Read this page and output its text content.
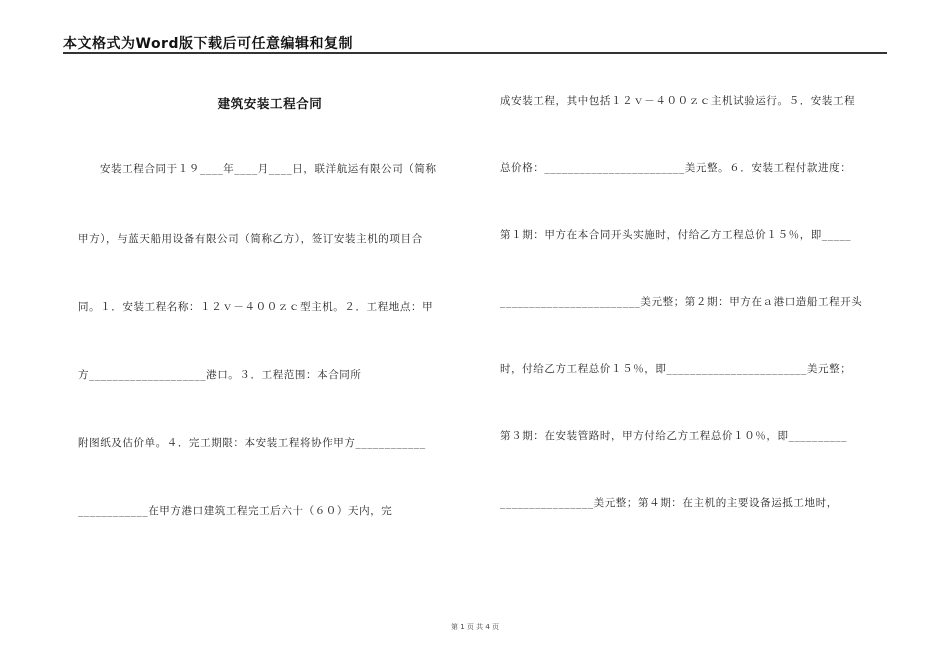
本文格式为Word版下载后可任意编辑和复制
建筑安装工程合同
安装工程合同于１９____年____月____日，联洋航运有限公司（简称
甲方），与蓝天船用设备有限公司（简称乙方），签订安装主机的项目合
同。１．安装工程名称：１２ｖ－４００ｚｃ型主机。２．工程地点：甲
方____________________港口。３．工程范围：本合同所
附图纸及估价单。４．完工期限：本安装工程将协作甲方____________
____________在甲方港口建筑工程完工后六十（６０）天内，完
成安装工程，其中包括１２ｖ－４００ｚｃ主机试验运行。５．安装工程
总价格：________________________美元整。６．安装工程付款进度：
第１期：甲方在本合同开头实施时，付给乙方工程总价１５％，即_____
________________________美元整；第２期：甲方在ａ港口造船工程开头
时，付给乙方工程总价１５％，即________________________美元整；
第３期：在安装管路时，甲方付给乙方工程总价１０％，即__________
________________美元整；第４期：在主机的主要设备运抵工地时，
第 1 页 共 4 页
